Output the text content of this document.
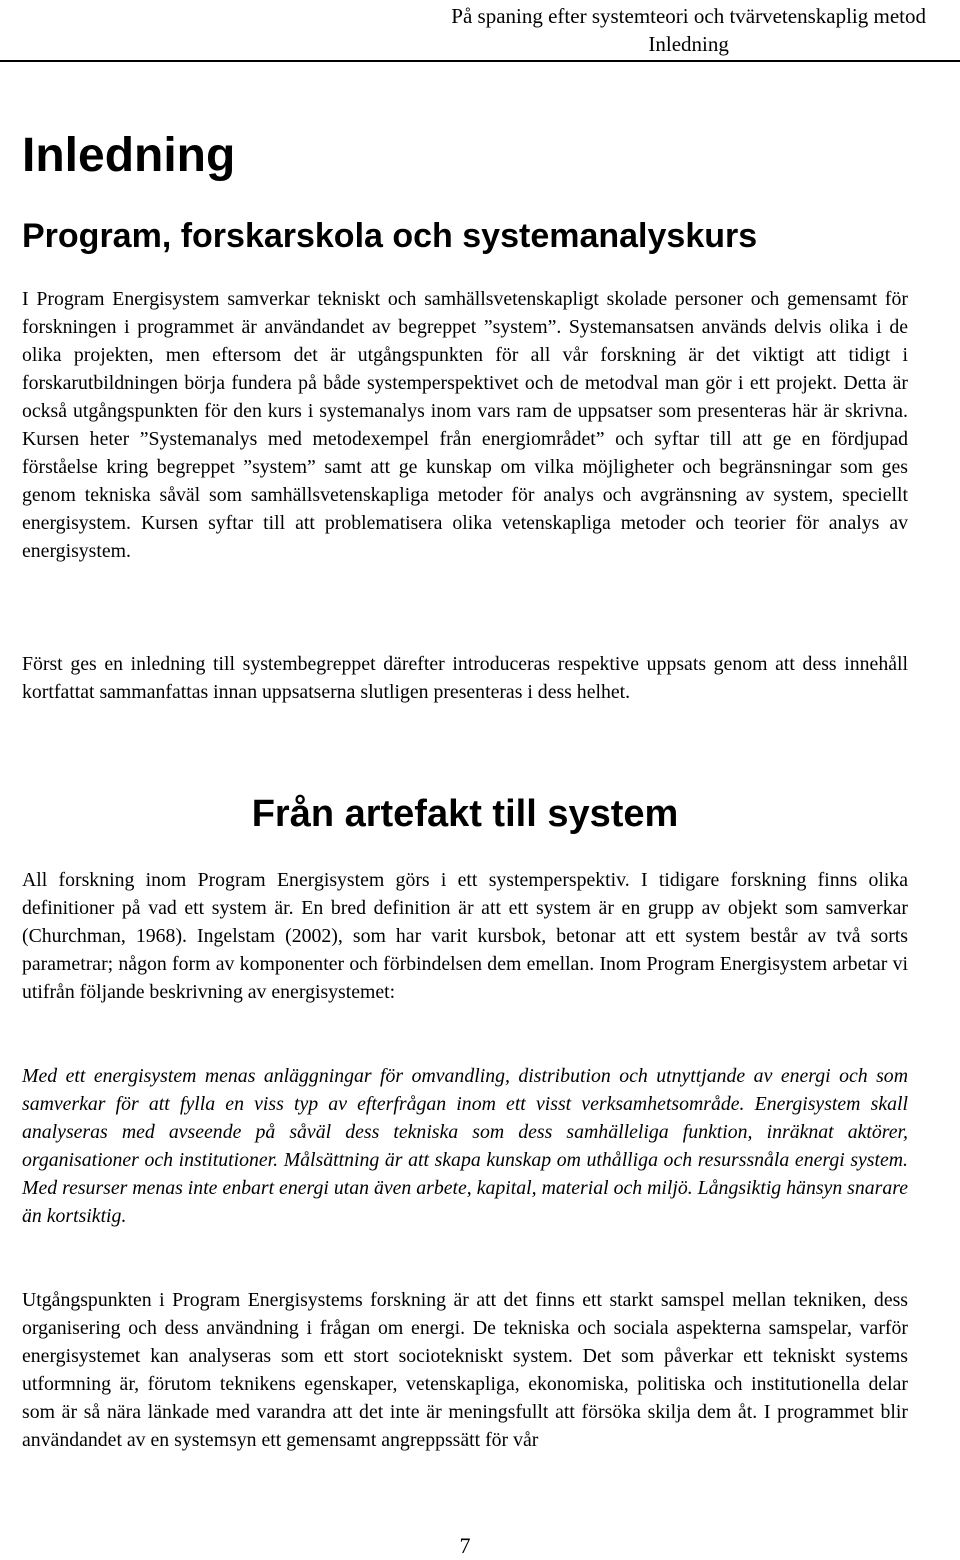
På spaning efter systemteori och tvärvetenskaplig metod
Inledning
Inledning
Program, forskarskola och systemanalyskurs

I Program Energisystem samverkar tekniskt och samhällsvetenskapligt skolade personer och gemensamt för forskningen i programmet är användandet av begreppet ”system”. Systemansatsen används delvis olika i de olika projekten, men eftersom det är utgångspunkten för all vår forskning är det viktigt att tidigt i forskarutbildningen börja fundera på både systemperspektivet och de metodval man gör i ett projekt. Detta är också utgångspunkten för den kurs i systemanalys inom vars ram de uppsatser som presenteras här är skrivna. Kursen heter ”Systemanalys med metodexempel från energiområdet” och syftar till att ge en fördjupad förståelse kring begreppet ”system” samt att ge kunskap om vilka möjligheter och begränsningar som ges genom tekniska såväl som samhällsvetenskapliga metoder för analys och avgränsning av system, speciellt energisystem. Kursen syftar till att problematisera olika vetenskapliga metoder och teorier för analys av energisystem.

Först ges en inledning till systembegreppet därefter introduceras respektive uppsats genom att dess innehåll kortfattat sammanfattas innan uppsatserna slutligen presenteras i dess helhet.

Från artefakt till system

All forskning inom Program Energisystem görs i ett systemperspektiv. I tidigare forskning finns olika definitioner på vad ett system är. En bred definition är att ett system är en grupp av objekt som samverkar (Churchman, 1968). Ingelstam (2002), som har varit kursbok, betonar att ett system består av två sorts parametrar; någon form av komponenter och förbindelsen dem emellan. Inom Program Energisystem arbetar vi utifrån följande beskrivning av energisystemet:

Med ett energisystem menas anläggningar för omvandling, distribution och utnyttjande av energi och som samverkar för att fylla en viss typ av efterfrågan inom ett visst verksamhetsområde. Energisystem skall analyseras med avseende på såväl dess tekniska som dess samhälleliga funktion, inräknat aktörer, organisationer och institutioner. Målsättning är att skapa kunskap om uthålliga och resurssnåla energi system. Med resurser menas inte enbart energi utan även arbete, kapital, material och miljö. Långsiktig hänsyn snarare än kortsiktig.

Utgångspunkten i Program Energisystems forskning är att det finns ett starkt samspel mellan tekniken, dess organisering och dess användning i frågan om energi. De tekniska och sociala aspekterna samspelar, varför energisystemet kan analyseras som ett stort sociotekniskt system. Det som påverkar ett tekniskt systems utformning är, förutom teknikens egenskaper, vetenskapliga, ekonomiska, politiska och institutionella delar som är så nära länkade med varandra att det inte är meningsfullt att försöka skilja dem åt. I programmet blir användandet av en systemsyn ett gemensamt angreppssätt för vår

7
